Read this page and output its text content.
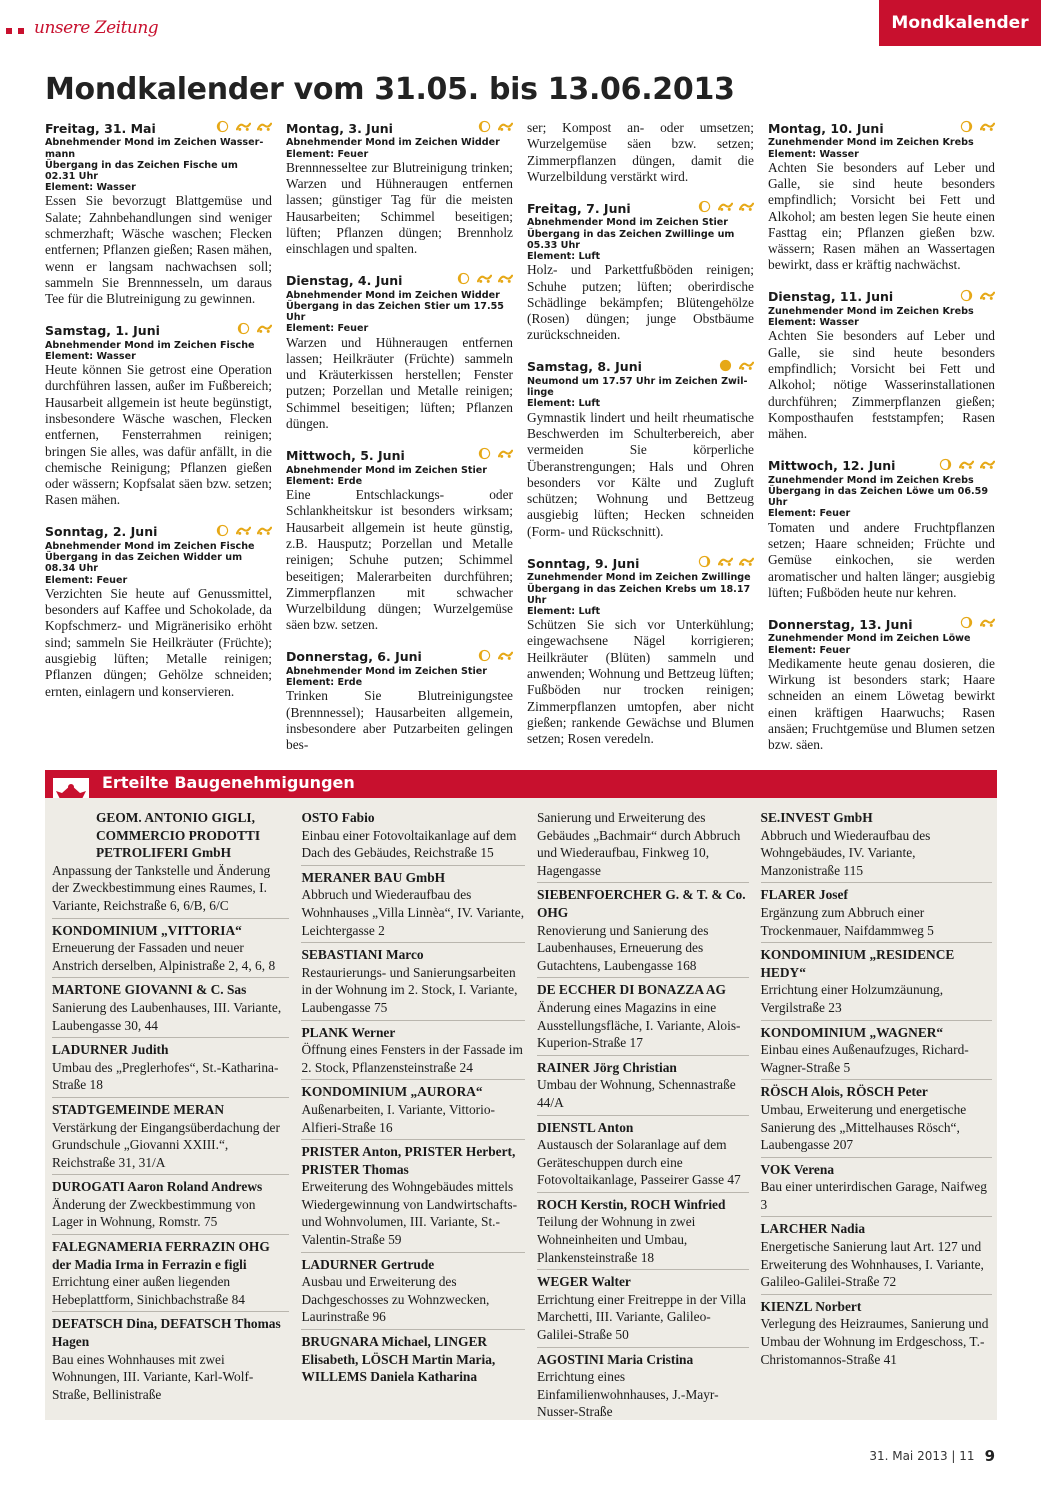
unsere Zeitung	Mondkalender
Mondkalender vom 31.05. bis 13.06.2013
Freitag, 31. Mai
Abnehmender Mond im Zeichen Wasser-
mann
Übergang in das Zeichen Fische um
02.31 Uhr
Element: Wasser
Essen Sie bevorzugt Blattgemüse und Salate; Zahnbehandlungen sind weniger schmerzhaft; Wäsche waschen; Flecken entfernen; Pflanzen gießen; Rasen mähen, wenn er langsam nachwachsen soll; sammeln Sie Brennnesseln, um daraus Tee für die Blutreinigung zu gewinnen.
Samstag, 1. Juni
Abnehmender Mond im Zeichen Fische
Element: Wasser
Heute können Sie getrost eine Operation durchführen lassen, außer im Fußbereich; Hausarbeit allgemein ist heute begünstigt, insbesondere Wäsche waschen, Flecken entfernen, Fensterrahmen reinigen; bringen Sie alles, was dafür anfällt, in die chemische Reinigung; Pflanzen gießen oder wässern; Kopfsalat säen bzw. setzen; Rasen mähen.
Sonntag, 2. Juni
Abnehmender Mond im Zeichen Fische
Übergang in das Zeichen Widder um
08.34 Uhr
Element: Feuer
Verzichten Sie heute auf Genussmittel, besonders auf Kaffee und Schokolade, da Kopfschmerz- und Migränerisiko erhöht sind; sammeln Sie Heilkräuter (Früchte); ausgiebig lüften; Metalle reinigen; Pflanzen düngen; Gehölze schneiden; ernten, einlagern und konservieren.
Montag, 3. Juni
Abnehmender Mond im Zeichen Widder
Element: Feuer
Brennnesseltee zur Blutreinigung trinken; Warzen und Hühneraugen entfernen lassen; günstiger Tag für die meisten Hausarbeiten; Schimmel beseitigen; lüften; Pflanzen düngen; Brennholz einschlagen und spalten.
Dienstag, 4. Juni
Abnehmender Mond im Zeichen Widder
Übergang in das Zeichen Stier um 17.55
Uhr
Element: Feuer
Warzen und Hühneraugen entfernen lassen; Heilkräuter (Früchte) sammeln und Kräuterkissen herstellen; Fenster putzen; Porzellan und Metalle reinigen; Schimmel beseitigen; lüften; Pflanzen düngen.
Mittwoch, 5. Juni
Abnehmender Mond im Zeichen Stier
Element: Erde
Eine Entschlackungs- oder Schlankheitskur ist besonders wirksam; Hausarbeit allgemein ist heute günstig, z.B. Hausputz; Porzellan und Metalle reinigen; Schuhe putzen; Schimmel beseitigen; Malerarbeiten durchführen; Zimmerpflanzen mit schwacher Wurzelbildung düngen; Wurzelgemüse säen bzw. setzen.
Donnerstag, 6. Juni
Abnehmender Mond im Zeichen Stier
Element: Erde
Trinken Sie Blutreinigungstee (Brennnessel); Hausarbeiten allgemein, insbesondere aber Putzarbeiten gelingen bes-
ser; Kompost an- oder umsetzen; Wurzelgemüse säen bzw. setzen; Zimmerpflanzen düngen, damit die Wurzelbildung verstärkt wird.
Freitag, 7. Juni
Abnehmender Mond im Zeichen Stier
Übergang in das Zeichen Zwillinge um
05.33 Uhr
Element: Luft
Holz- und Parkettfußböden reinigen; Schuhe putzen; lüften; oberirdische Schädlinge bekämpfen; Blütengehölze (Rosen) düngen; junge Obstbäume zurückschneiden.
Samstag, 8. Juni
Neumond um 17.57 Uhr im Zeichen Zwil-
linge
Element: Luft
Gymnastik lindert und heilt rheumatische Beschwerden im Schulterbereich, aber vermeiden Sie körperliche Überanstrengungen; Hals und Ohren besonders vor Kälte und Zugluft schützen; Wohnung und Bettzeug ausgiebig lüften; Hecken schneiden (Form- und Rückschnitt).
Sonntag, 9. Juni
Zunehmender Mond im Zeichen Zwillinge
Übergang in das Zeichen Krebs um 18.17
Uhr
Element: Luft
Schützen Sie sich vor Unterkühlung; eingewachsene Nägel korrigieren; Heilkräuter (Blüten) sammeln und anwenden; Wohnung und Bettzeug lüften; Fußböden nur trocken reinigen; Zimmerpflanzen umtopfen, aber nicht gießen; rankende Gewächse und Blumen setzen; Rosen veredeln.
Montag, 10. Juni
Zunehmender Mond im Zeichen Krebs
Element: Wasser
Achten Sie besonders auf Leber und Galle, sie sind heute besonders empfindlich; Vorsicht bei Fett und Alkohol; am besten legen Sie heute einen Fasttag ein; Pflanzen gießen bzw. wässern; Rasen mähen an Wassertagen bewirkt, dass er kräftig nachwächst.
Dienstag, 11. Juni
Zunehmender Mond im Zeichen Krebs
Element: Wasser
Achten Sie besonders auf Leber und Galle, sie sind heute besonders empfindlich; Vorsicht bei Fett und Alkohol; nötige Wasserinstallationen durchführen; Zimmerpflanzen gießen; Komposthaufen feststampfen; Rasen mähen.
Mittwoch, 12. Juni
Zunehmender Mond im Zeichen Krebs
Übergang in das Zeichen Löwe um 06.59
Uhr
Element: Feuer
Tomaten und andere Fruchtpflanzen setzen; Haare schneiden; Früchte und Gemüse einkochen, sie werden aromatischer und halten länger; ausgiebig lüften; Fußböden heute nur kehren.
Donnerstag, 13. Juni
Zunehmender Mond im Zeichen Löwe
Element: Feuer
Medikamente heute genau dosieren, die Wirkung ist besonders stark; Haare schneiden an einem Löwetag bewirkt einen kräftigen Haarwuchs; Rasen ansäen; Fruchtgemüse und Blumen setzen bzw. säen.
Erteilte Baugenehmigungen
GEOM. ANTONIO GIGLI, COMMERCIO PRODOTTI PETROLIFERI GmbH
Anpassung der Tankstelle und Änderung der Zweckbestimmung eines Raumes, I. Variante, Reichstraße 6, 6/B, 6/C
KONDOMINIUM „VITTORIA“
Erneuerung der Fassaden und neuer Anstrich derselben, Alpinistraße 2, 4, 6, 8
MARTONE GIOVANNI & C. Sas
Sanierung des Laubenhauses, III. Variante, Laubengasse 30, 44
LADURNER Judith
Umbau des „Preglerhofes“, St.-Katharina-Straße 18
STADTGEMEINDE MERAN
Verstärkung der Eingangsüberdachung der Grundschule „Giovanni XXIII.“, Reichstraße 31, 31/A
DUROGATI Aaron Roland Andrews
Änderung der Zweckbestimmung von Lager in Wohnung, Romstr. 75
FALEGNAMERIA FERRAZIN OHG der Madia Irma in Ferrazin e figli
Errichtung einer außen liegenden Hebeplattform, Sinichbachstraße 84
DEFATSCH Dina, DEFATSCH Thomas Hagen
Bau eines Wohnhauses mit zwei Wohnungen, III. Variante, Karl-Wolf-Straße, Bellinistraße
OSTO Fabio
Einbau einer Fotovoltaikanlage auf dem Dach des Gebäudes, Reichstraße 15
MERANER BAU GmbH
Abbruch und Wiederaufbau des Wohnhauses „Villa Linnèa“, IV. Variante, Leichtergasse 2
SEBASTIANI Marco
Restaurierungs- und Sanierungsarbeiten in der Wohnung im 2. Stock, I. Variante, Laubengasse 75
PLANK Werner
Öffnung eines Fensters in der Fassade im 2. Stock, Pflanzensteinstraße 24
KONDOMINIUM „AURORA“
Außenarbeiten, I. Variante, Vittorio-Alfieri-Straße 16
PRISTER Anton, PRISTER Herbert, PRISTER Thomas
Erweiterung des Wohngebäudes mittels Wiedergewinnung von Landwirtschafts- und Wohnvolumen, III. Variante, St.-Valentin-Straße 59
LADURNER Gertrude
Ausbau und Erweiterung des Dachgeschosses zu Wohnzwecken, Laurinstraße 96
BRUGNARA Michael, LINGER Elisabeth, LÖSCH Martin Maria, WILLEMS Daniela Katharina
Sanierung und Erweiterung des Gebäudes „Bachmair“ durch Abbruch und Wiederaufbau, Finkweg 10, Hagengasse
SIEBENFOERCHER G. & T. & Co. OHG
Renovierung und Sanierung des Laubenhauses, Erneuerung des Gutachtens, Laubengasse 168
DE ECCHER DI BONAZZA AG
Änderung eines Magazins in eine Ausstellungsfläche, I. Variante, Alois-Kuperion-Straße 17
RAINER Jörg Christian
Umbau der Wohnung, Schennastraße 44/A
DIENSTL Anton
Austausch der Solaranlage auf dem Geräteschuppen durch eine Fotovoltaikanlage, Passeirer Gasse 47
ROCH Kerstin, ROCH Winfried
Teilung der Wohnung in zwei Wohneinheiten und Umbau, Plankensteinstraße 18
WEGER Walter
Errichtung einer Freitreppe in der Villa Marchetti, III. Variante, Galileo-Galilei-Straße 50
AGOSTINI Maria Cristina
Errichtung eines Einfamilienwohnhauses, J.-Mayr-Nusser-Straße
SE.INVEST GmbH
Abbruch und Wiederaufbau des Wohngebäudes, IV. Variante, Manzonistraße 115
FLARER Josef
Ergänzung zum Abbruch einer Trockenmauer, Naifdammweg 5
KONDOMINIUM „RESIDENCE HEDY“
Errichtung einer Holzumzäunung, Vergilstraße 23
KONDOMINIUM „WAGNER“
Einbau eines Außenaufzuges, Richard-Wagner-Straße 5
RÖSCH Alois, RÖSCH Peter
Umbau, Erweiterung und energetische Sanierung des „Mittelhauses Rösch“, Laubengasse 207
VOK Verena
Bau einer unterirdischen Garage, Naifweg 3
LARCHER Nadia
Energetische Sanierung laut Art. 127 und Erweiterung des Wohnhauses, I. Variante, Galileo-Galilei-Straße 72
KIENZL Norbert
Verlegung des Heizraumes, Sanierung und Umbau der Wohnung im Erdgeschoss, T.-Christomannos-Straße 41
31. Mai 2013 | 11 9
